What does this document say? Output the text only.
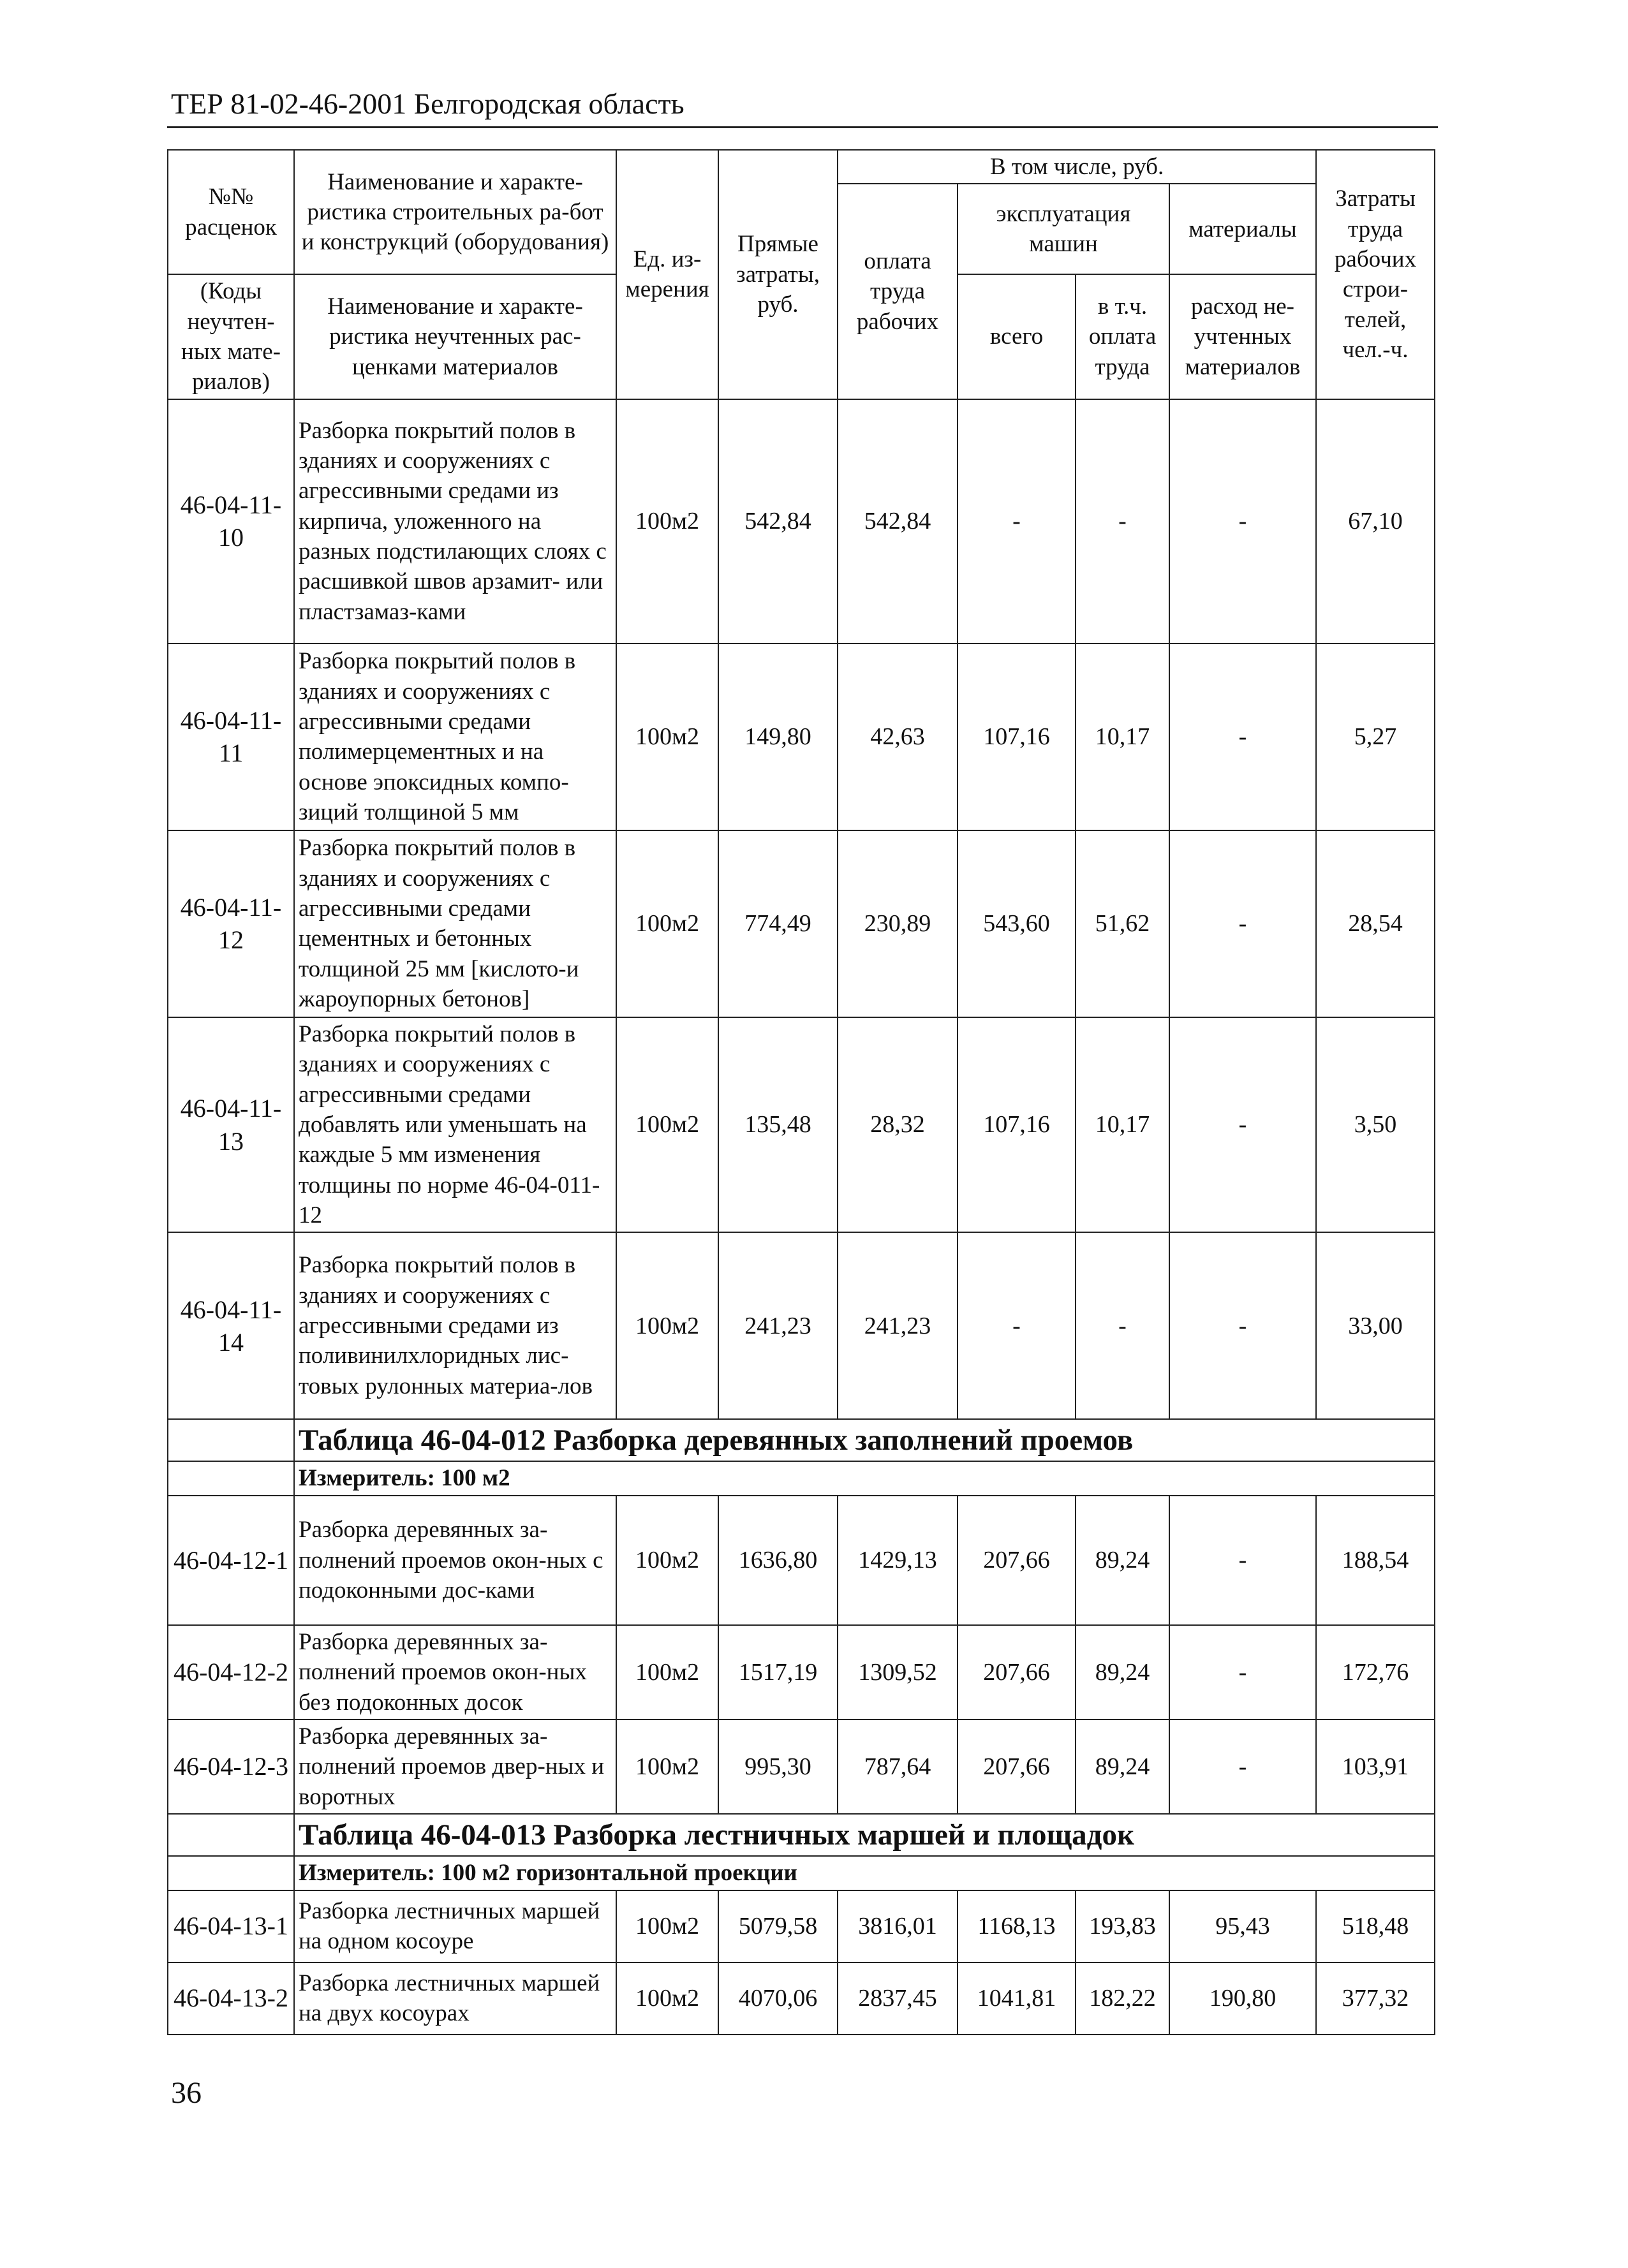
ТЕР 81-02-46-2001 Белгородская область
№№ расценок	Наименование и характе-ристика строительных ра-бот и конструкций (оборудования)	Ед. из-мерения	Прямые затраты, руб.	В том числе, руб.				Затраты труда рабочих строи-телей, чел.-ч.
				оплата труда рабочих	эксплуатация машин		материалы	
(Коды неучтен-ных мате-риалов)	Наименование и характе-ристика неучтенных рас-ценками материалов				всего	в т.ч. оплата труда	расход не-учтенных материалов	

46-04-11-10	Разборка покрытий полов в зданиях и сооружениях с агрессивными средами из кирпича, уложенного на разных подстилающих слоях с расшивкой швов арзамит- или пластзамаз-ками	100м2	542,84	542,84	-	-	-	67,10
46-04-11-11	Разборка покрытий полов в зданиях и сооружениях с агрессивными средами полимерцементных и на основе эпоксидных компо-зиций толщиной 5 мм	100м2	149,80	42,63	107,16	10,17	-	5,27
46-04-11-12	Разборка покрытий полов в зданиях и сооружениях с агрессивными средами цементных и бетонных толщиной 25 мм [кислото-и жароупорных бетонов]	100м2	774,49	230,89	543,60	51,62	-	28,54
46-04-11-13	Разборка покрытий полов в зданиях и сооружениях с агрессивными средами добавлять или уменьшать на каждые 5 мм изменения толщины по норме 46-04-011-12	100м2	135,48	28,32	107,16	10,17	-	3,50
46-04-11-14	Разборка покрытий полов в зданиях и сооружениях с агрессивными средами из поливинилхлоридных лис-товых рулонных материа-лов	100м2	241,23	241,23	-	-	-	33,00
	Таблица 46-04-012 Разборка деревянных заполнений проемов							
	Измеритель: 100 м2							
46-04-12-1	Разборка деревянных за-полнений проемов окон-ных с подоконными дос-ками	100м2	1636,80	1429,13	207,66	89,24	-	188,54
46-04-12-2	Разборка деревянных за-полнений проемов окон-ных без подоконных досок	100м2	1517,19	1309,52	207,66	89,24	-	172,76
46-04-12-3	Разборка деревянных за-полнений проемов двер-ных и воротных	100м2	995,30	787,64	207,66	89,24	-	103,91
	Таблица 46-04-013 Разборка лестничных маршей и площадок							
	Измеритель: 100 м2 горизонтальной проекции							
46-04-13-1	Разборка лестничных маршей на одном косоуре	100м2	5079,58	3816,01	1168,13	193,83	95,43	518,48
46-04-13-2	Разборка лестничных маршей на двух косоурах	100м2	4070,06	2837,45	1041,81	182,22	190,80	377,32
36
